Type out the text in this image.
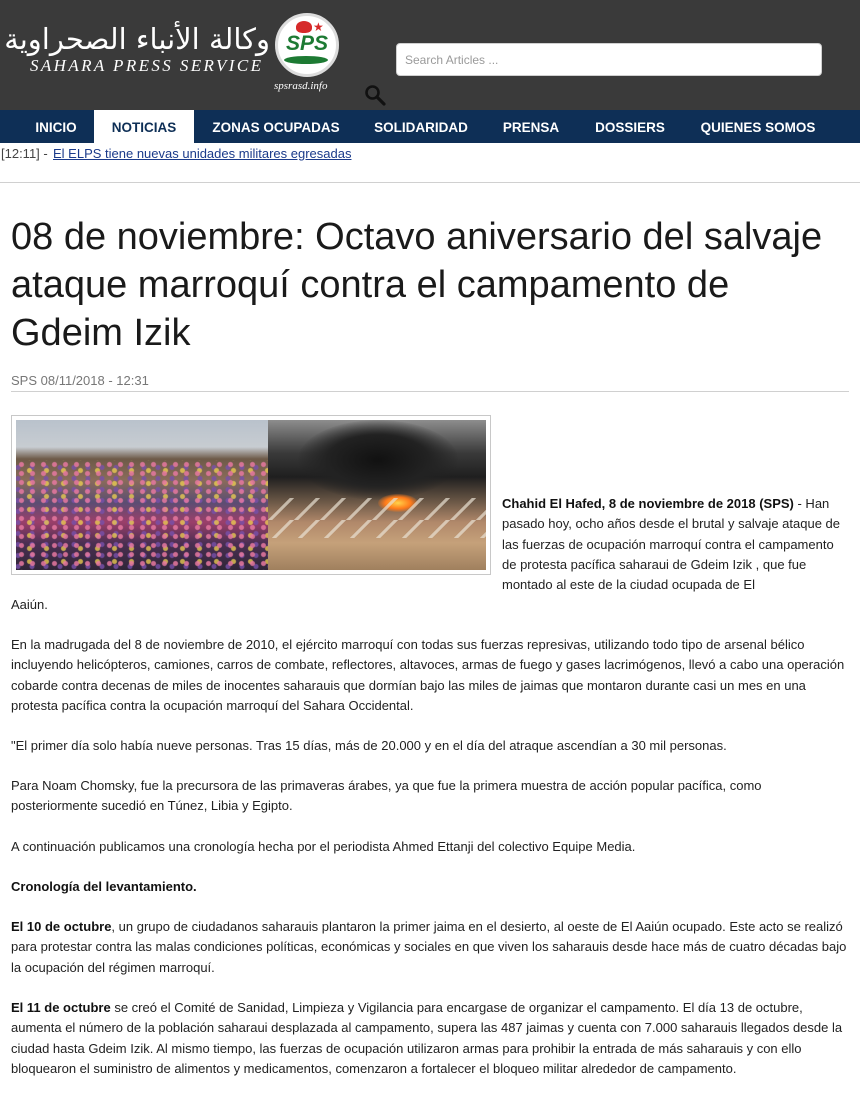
وكالة الأنباء الصحراوية
SAHARA PRESS SERVICE
★
SPS
spsrasd.info
Search Articles ...
INICIO	NOTICIAS	ZONAS OCUPADAS	SOLIDARIDAD	PRENSA	DOSSIERS	QUIENES SOMOS
[12:11] - El ELPS tiene nuevas unidades militares egresadas
08 de noviembre: Octavo aniversario del salvaje ataque marroquí contra el campamento de Gdeim Izik
SPS 08/11/2018 - 12:31
Chahid El Hafed, 8 de noviembre de 2018 (SPS) - Han pasado hoy, ocho años desde el brutal y salvaje ataque de las fuerzas de ocupación marroquí contra el campamento de protesta pacífica saharaui de Gdeim Izik , que fue montado al este de la ciudad ocupada de El
Aaiún.
En la madrugada del 8 de noviembre de 2010, el ejército marroquí con todas sus fuerzas represivas, utilizando todo tipo de arsenal bélico incluyendo helicópteros, camiones, carros de combate, reflectores, altavoces, armas de fuego y gases lacrimógenos, llevó a cabo una operación cobarde contra decenas de miles de inocentes saharauis que dormían bajo las miles de jaimas que montaron durante casi un mes en una protesta pacífica contra la ocupación marroquí del Sahara Occidental.
"El primer día solo había nueve personas. Tras 15 días, más de 20.000 y en el día del atraque ascendían a 30 mil personas.
Para Noam Chomsky, fue la precursora de las primaveras árabes, ya que fue la primera muestra de acción popular pacífica, como posteriormente sucedió en Túnez, Libia y Egipto.
A continuación publicamos una cronología hecha por el periodista Ahmed Ettanji del colectivo Equipe Media.
Cronología del levantamiento.
El 10 de octubre, un grupo de ciudadanos saharauis plantaron la primer jaima en el desierto, al oeste de El Aaiún ocupado. Este acto se realizó para protestar contra las malas condiciones políticas, económicas y sociales en que viven los saharauis desde hace más de cuatro décadas bajo la ocupación del régimen marroquí.
El 11 de octubre se creó el Comité de Sanidad, Limpieza y Vigilancia para encargase de organizar el campamento. El día 13 de octubre, aumenta el número de la población saharaui desplazada al campamento, supera las 487 jaimas y cuenta con 7.000 saharauis llegados desde la ciudad hasta Gdeim Izik. Al mismo tiempo, las fuerzas de ocupación utilizaron armas para prohibir la entrada de más saharauis y con ello bloquearon el suministro de alimentos y medicamentos, comenzaron a fortalecer el bloqueo militar alrededor de campamento.
